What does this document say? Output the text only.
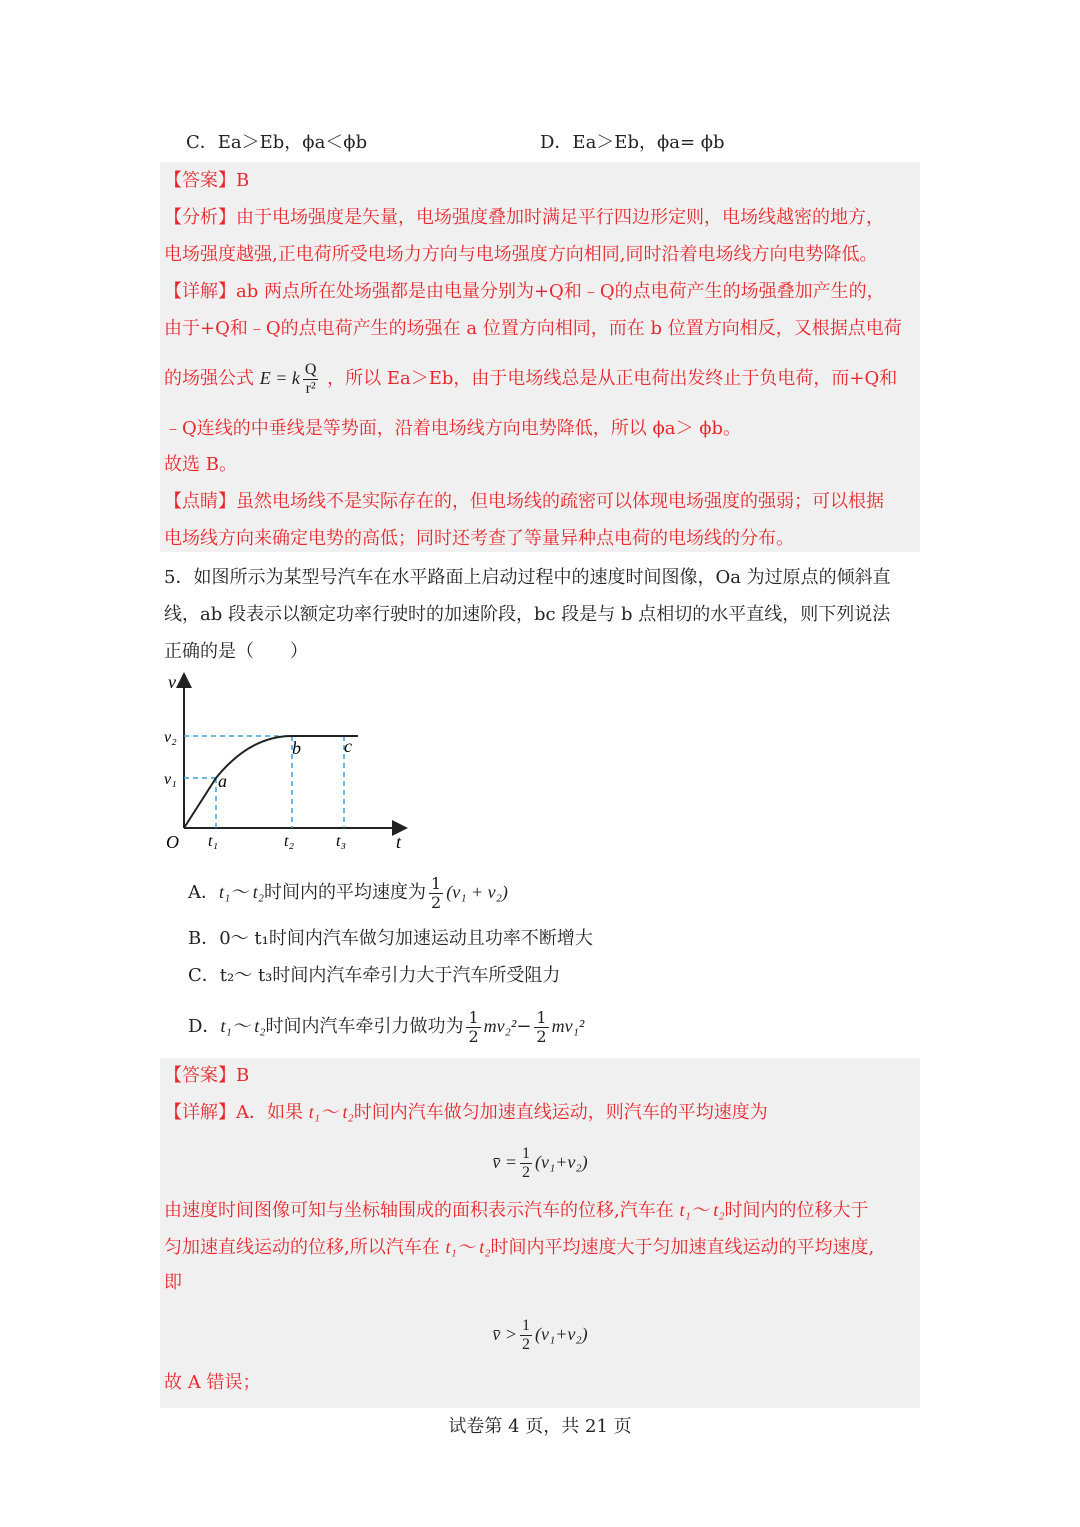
C．Ea＞Eb，ϕa＜ϕb	D．Ea＞Eb，ϕa= ϕb
【答案】B
【分析】由于电场强度是矢量，电场强度叠加时满足平行四边形定则，电场线越密的地方，
电场强度越强,正电荷所受电场力方向与电场强度方向相同,同时沿着电场线方向电势降低。
【详解】ab 两点所在处场强都是由电量分别为+Q和﹣Q的点电荷产生的场强叠加产生的，
由于+Q和﹣Q的点电荷产生的场强在 a 位置方向相同，而在 b 位置方向相反，又根据点电荷
的场强公式 E = k $\frac{Q}{\text{r²}}$ ，所以 Ea＞Eb，由于电场线总是从正电荷出发终止于负电荷，而+Q和
﹣Q连线的中垂线是等势面，沿着电场线方向电势降低，所以 ϕa＞ ϕb。
故选 B。
【点睛】虽然电场线不是实际存在的，但电场线的疏密可以体现电场强度的强弱；可以根据
电场线方向来确定电势的高低；同时还考查了等量异种点电荷的电场线的分布。
5．如图所示为某型号汽车在水平路面上启动过程中的速度时间图像，Oa 为过原点的倾斜直
线，ab 段表示以额定功率行驶时的加速阶段，bc 段是与 b 点相切的水平直线，则下列说法
正确的是（　　）
v
t
O
v₂
v₁
t₁	t₂	t₃
a
b c
A．t₁～ t₂时间内的平均速度为 $\frac{1}{2} (v_1 + v_2)$
B．0～ t₁时间内汽车做匀加速运动且功率不断增大
C．t₂～ t₃时间内汽车牵引力大于汽车所受阻力
D．t₁～ t₂时间内汽车牵引力做功为 $\frac{1}{2} mv_2^2- \frac{1}{2} mv_1^2$
【答案】B
【详解】A．如果 t₁～ t₂时间内汽车做匀加速直线运动，则汽车的平均速度为
v̄ = $\frac{1}{2} (v_1+v_2)$
由速度时间图像可知与坐标轴围成的面积表示汽车的位移,汽车在 t₁～ t₂时间内的位移大于
匀加速直线运动的位移,所以汽车在 t₁～ t₂时间内平均速度大于匀加速直线运动的平均速度,
即
v̄ > $\frac{1}{2} (v_1+v_2)$
故 A 错误；
试卷第 4 页，共 21 页
